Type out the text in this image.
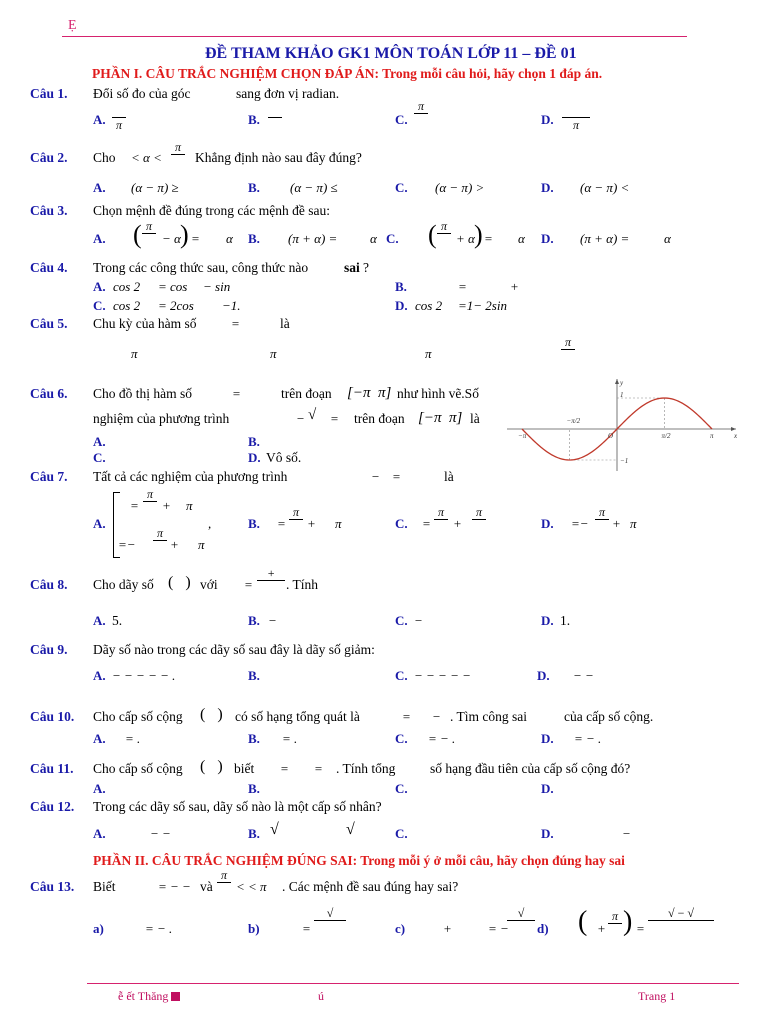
Ẹ
ĐỀ THAM KHẢO GK1 MÔN TOÁN LỚP 11 – ĐỀ 01
PHẦN I. CÂU TRẮC NGHIỆM CHỌN ĐÁP ÁN: Trong mỗi câu hỏi, hãy chọn 1 đáp án.
Câu 1. Đổi số đo của góc	sang đơn vị radian.
A.
π	B.

	C.
π

D.
	π
Câu 2. Cho < α <
π

Khẳng định nào sau đây đúng?
A. (α − π) ≥	B. (α − π) ≤	C. (α − π) >	D. (α − π) <
Câu 3. Chọn mệnh đề đúng trong các mệnh đề sau:
A. ( π

− α ) = α B. (π + α) =	α C. ( π

+ α ) = α D. (π + α) =	α
Câu 4. Trong các công thức sau, công thức nào	sai ?
A. cos 2 = cos − sin	B.	=	+
C. cos 2 = 2cos −1.	D. cos 2 =1− 2sin
Câu 5. Chu kỳ của hàm số	=	là
π	π	π
π

Câu 6. Cho đồ thị hàm số	=	trên đoạn [−π π] như hình vẽ.Số
nghiệm của phương trình	− √ = trên đoạn [−π π] là
A.	B.
C.	D. Vô số.
−π
−π/2
O	π/2	π
1
−1
x
y
Câu 7. Tất cả các nghiệm của phương trình	− =	là
A.
=
π

+ π
,
=−
π

+ π
B. =
π

+ π	C. =
π

+
π

D. =−
π

+ π
Câu 8. Cho dãy số (   ) với =
+

. Tính
A. 5.	B. −	C. −	D. 1.
Câu 9. Dãy số nào trong các dãy số sau đây là dãy số giảm:
A. − − − − − .	B.	C. − − − − −	D. − −
Câu 10. Cho cấp số cộng (   ) có số hạng tổng quát là	= − . Tìm công sai	của cấp số cộng.
A. = .	B. = .	C. = − .	D. = − .
Câu 11. Cho cấp số cộng (   ) biết = = . Tính tổng	số hạng đầu tiên của cấp số cộng đó?
A.	B.	C.	D.
Câu 12. Trong các dãy số sau, dãy số nào là một cấp số nhân?
A.	− −	B. √	√	C.	D.	−
PHẦN II. CÂU TRẮC NGHIỆM ĐÚNG SAI: Trong mỗi ý ở mỗi câu, hãy chọn đúng hay sai
Câu 13. Biết	= − − và
π

< < π . Các mệnh đề sau đúng hay sai?
a)	= − .	b)	=
√

c)	+	= −
√

d) ( +
π
) =
√ − √

ễ ết Thăng	ú	Trang 1
